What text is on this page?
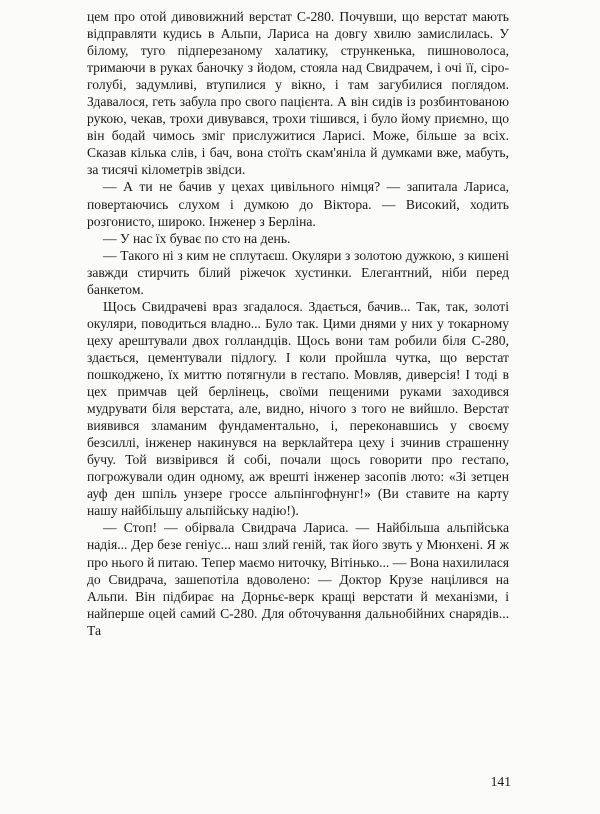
цем про отой дивовижний верстат С-280. Почувши, що верстат мають відправляти кудись в Альпи, Лариса на довгу хвилю замислилась. У білому, туго підперезаному халатику, стрункенька, пишноволоса, тримаючи в руках баночку з йодом, стояла над Свидрачем, і очі її, сіро-голубі, задумливі, втупилися у вікно, і там загубилися поглядом. Здавалося, геть забула про свого пацієнта. А він сидів із розбинтованою рукою, чекав, трохи дивувався, трохи тішився, і було йому приємно, що він бодай чимось зміг прислужитися Ларисі. Може, більше за всіх. Сказав кілька слів, і бач, вона стоїть скам'яніла й думками вже, мабуть, за тисячі кілометрів звідси.

— А ти не бачив у цехах цивільного німця? — запитала Лариса, повертаючись слухом і думкою до Віктора. — Високий, ходить розгонисто, широко. Інженер з Берліна.

— У нас їх буває по сто на день.

— Такого ні з ким не сплутаєш. Окуляри з золотою дужкою, з кишені завжди стирчить білий ріжечок хустинки. Елегантний, ніби перед банкетом.

Щось Свидрачеві враз згадалося. Здається, бачив... Так, так, золоті окуляри, поводиться владно... Було так. Цими днями у них у токарному цеху арештували двох голландців. Щось вони там робили біля С-280, здається, цементували підлогу. І коли пройшла чутка, що верстат пошкоджено, їх миттю потягнули в гестапо. Мовляв, диверсія! І тоді в цех примчав цей берлінець, своїми пещеними руками заходився мудрувати біля верстата, але, видно, нічого з того не вийшло. Верстат виявився зламаним фундаментально, і, переконавшись у своєму безсиллі, інженер накинувся на верклайтера цеху і зчинив страшенну бучу. Той визвірився й собі, почали щось говорити про гестапо, погрожували один одному, аж врешті інженер засопів люто: «Зі зетцен ауф ден шпіль унзере гроссе альпінгофнунг!» (Ви ставите на карту нашу найбільшу альпійську надію!).

— Стоп! — обірвала Свидрача Лариса. — Найбільша альпійська надія... Дер безе геніус... наш злий геній, так його звуть у Мюнхені. Я ж про нього й питаю. Тепер маємо ниточку, Вітінько... — Вона нахилилася до Свидрача, зашепотіла вдоволено: — Доктор Крузе націлився на Альпи. Він підбирає на Дорньє-верк кращі верстати й механізми, і найперше оцей самий С-280. Для обточування дальнобійних снарядів... Та

141
